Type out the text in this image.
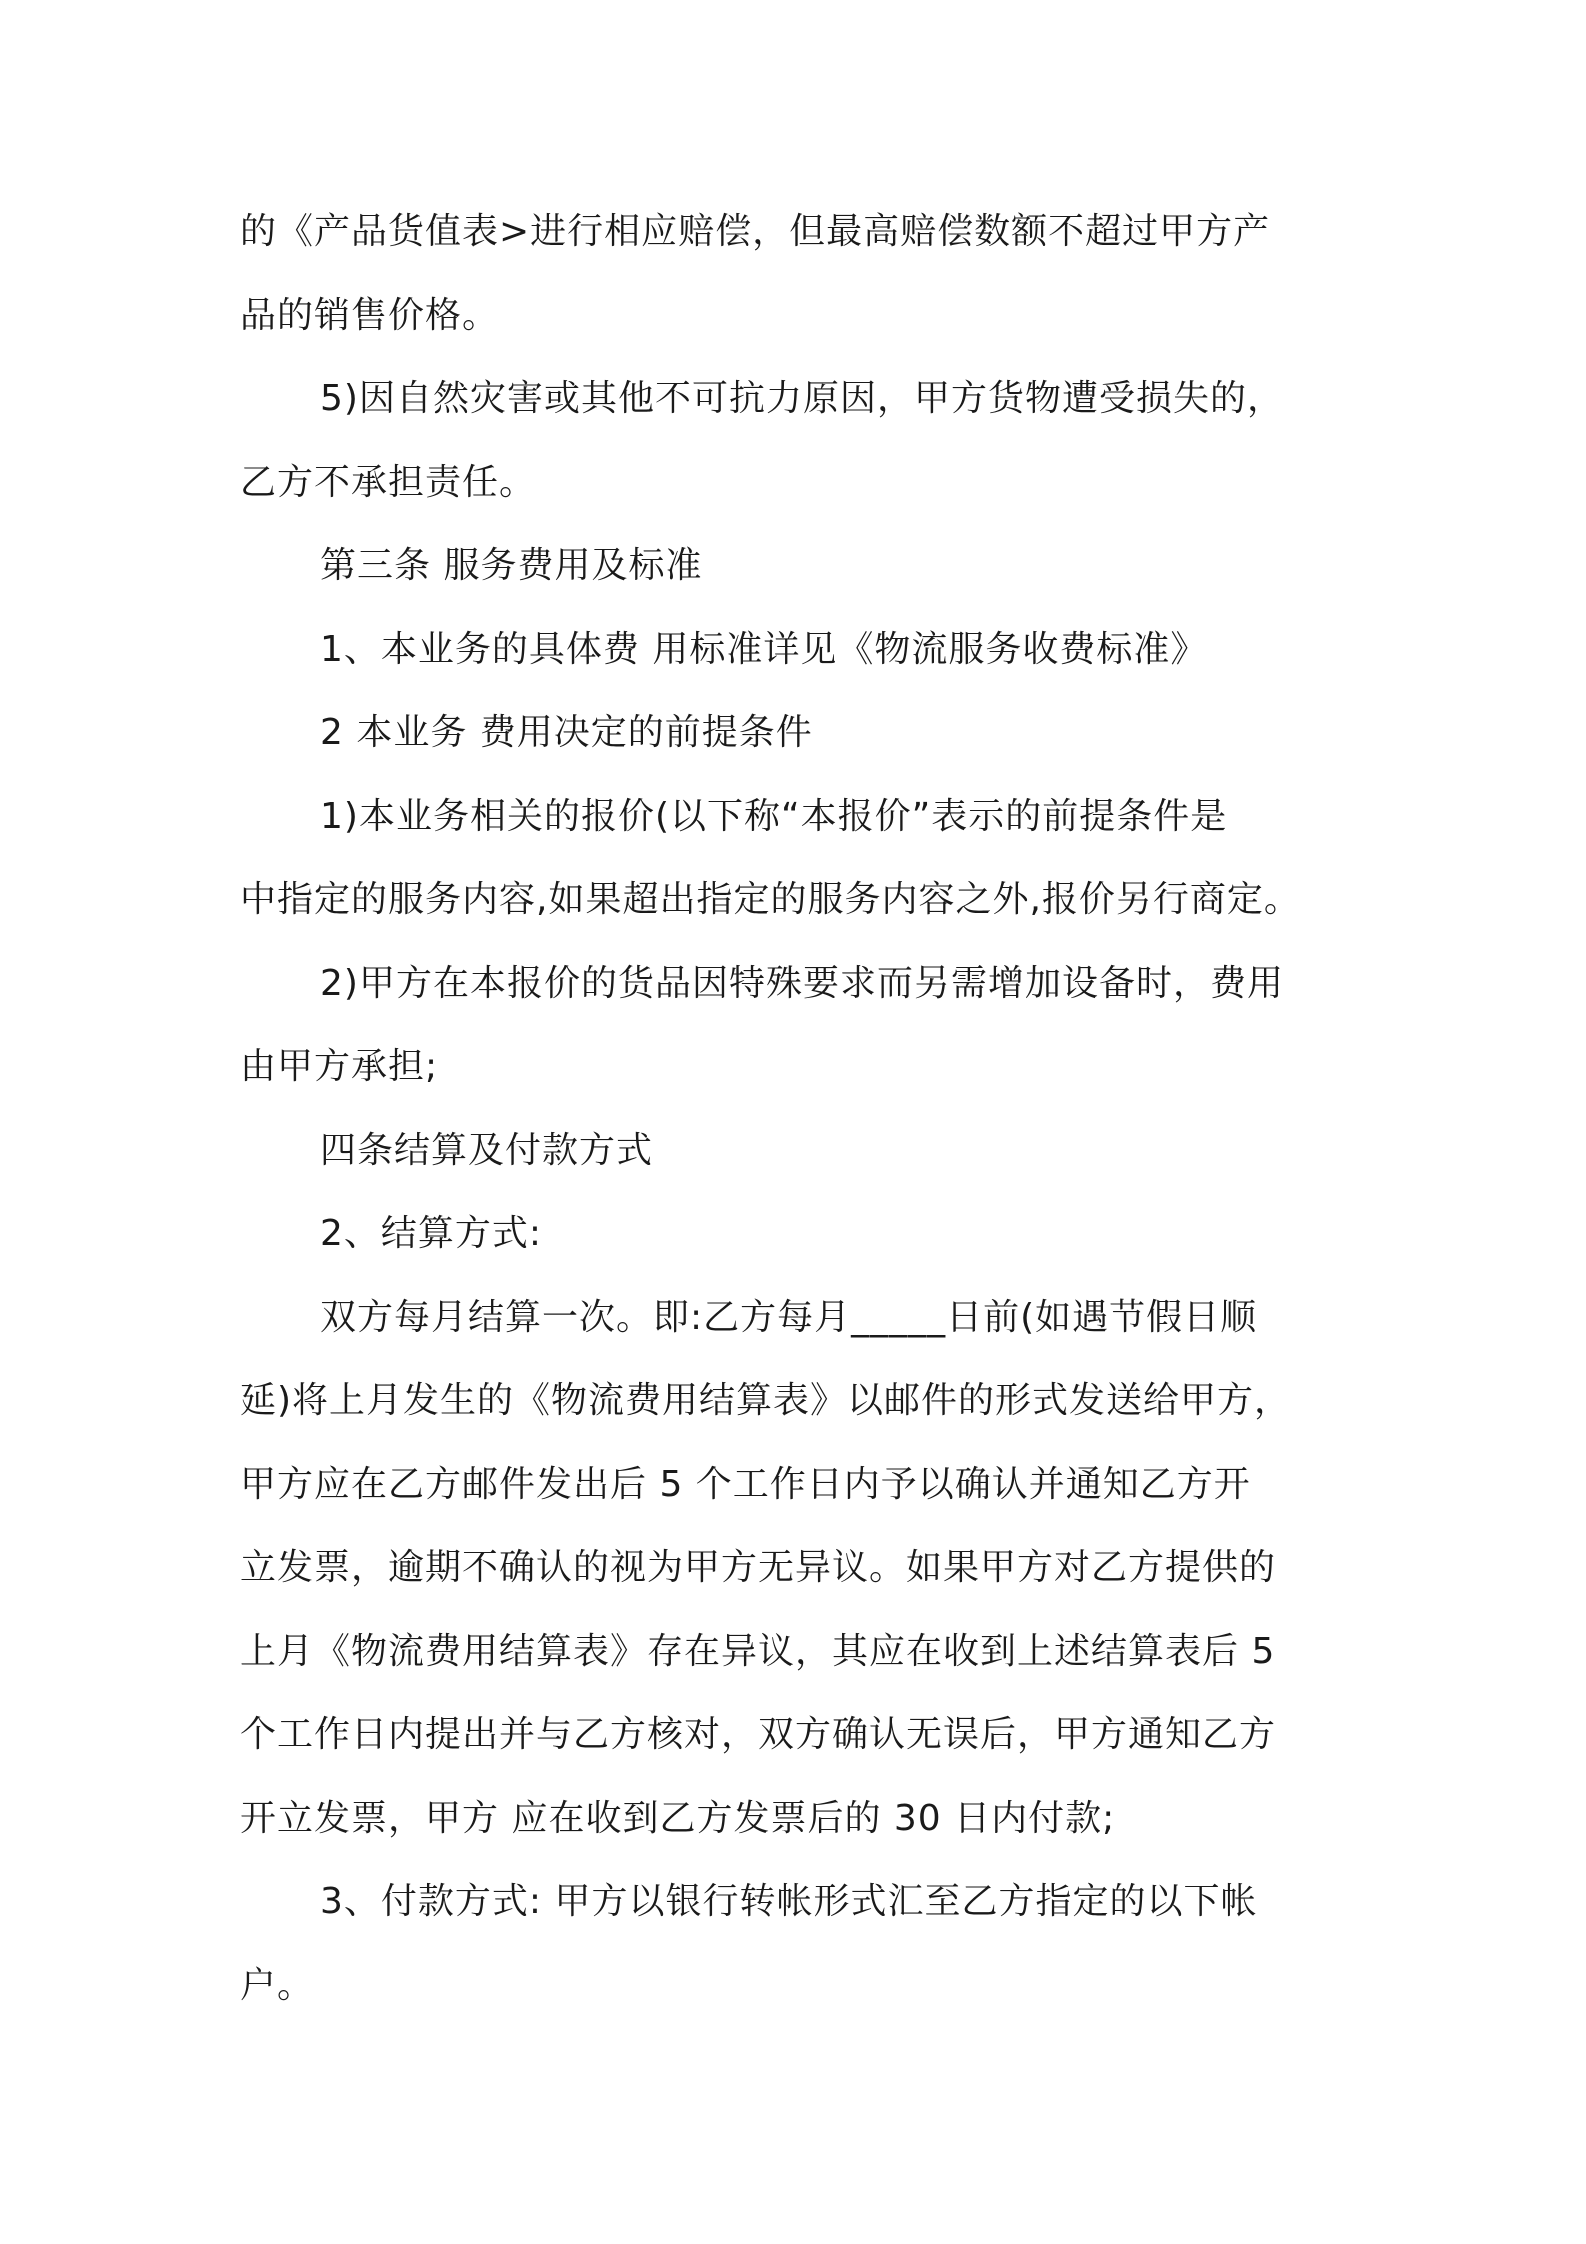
的《产品货值表>进行相应赔偿，但最高赔偿数额不超过甲方产
品的销售价格。
5)因自然灾害或其他不可抗力原因，甲方货物遭受损失的，
乙方不承担责任。
第三条 服务费用及标准
1、本业务的具体费 用标准详见《物流服务收费标准》
2 本业务 费用决定的前提条件
1)本业务相关的报价(以下称“本报价”表示的前提条件是
中指定的服务内容,如果超出指定的服务内容之外,报价另行商定。
2)甲方在本报价的货品因特殊要求而另需增加设备时，费用
由甲方承担;
四条结算及付款方式
2、结算方式:
双方每月结算一次。即:乙方每月_____日前(如遇节假日顺
延)将上月发生的《物流费用结算表》以邮件的形式发送给甲方，
甲方应在乙方邮件发出后 5 个工作日内予以确认并通知乙方开
立发票，逾期不确认的视为甲方无异议。如果甲方对乙方提供的
上月《物流费用结算表》存在异议，其应在收到上述结算表后 5
个工作日内提出并与乙方核对，双方确认无误后，甲方通知乙方
开立发票，甲方 应在收到乙方发票后的 30 日内付款;
3、付款方式: 甲方以银行转帐形式汇至乙方指定的以下帐
户。
